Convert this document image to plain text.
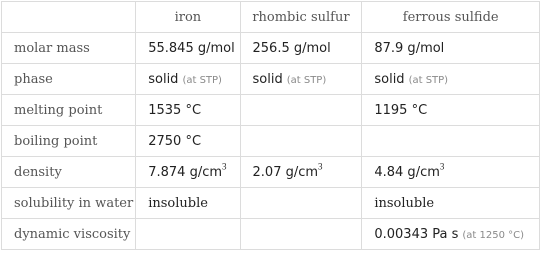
	iron	rhombic sulfur	ferrous sulfide
molar mass	55.845 g/mol	256.5 g/mol	87.9 g/mol
phase	solid (at STP)	solid (at STP)	solid (at STP)
melting point	1535 °C		1195 °C
boiling point	2750 °C		
density	7.874 $g/cm^3$	2.07 $g/cm^3$	4.84 $g/cm^3$
solubility in water	insoluble		insoluble
dynamic viscosity			0.00343 Pa s (at 1250 °C)
